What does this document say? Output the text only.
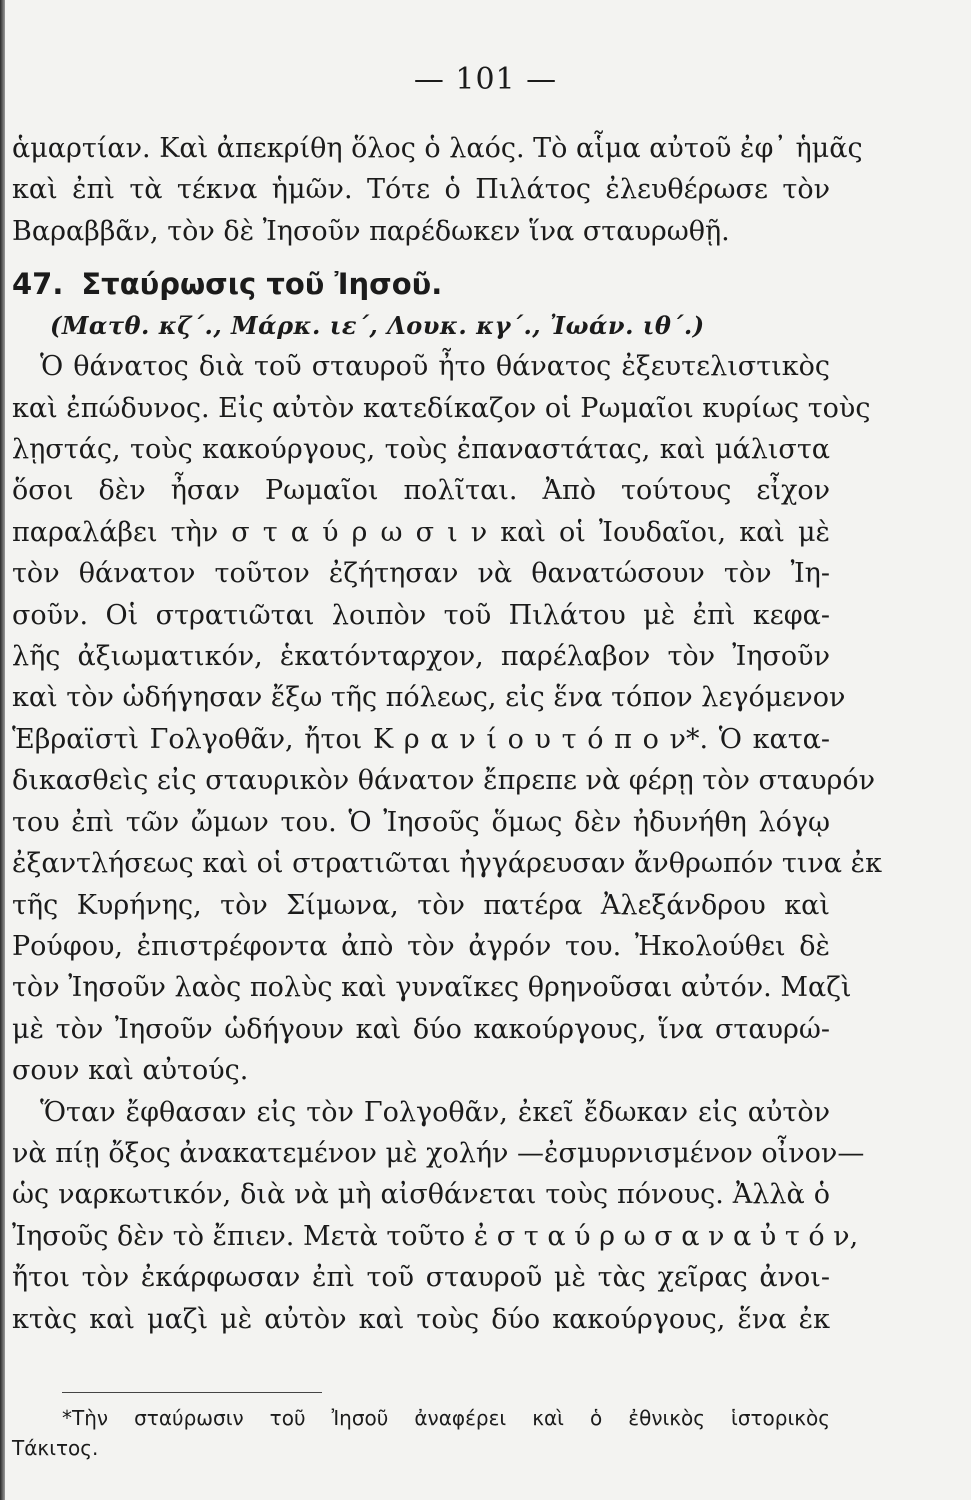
— 101 —
ἁμαρτίαν. Καὶ ἀπεκρίθη ὅλος ὁ λαός. Τὸ αἷμα αὐτοῦ ἐφ᾿ ἡμᾶς
καὶ ἐπὶ τὰ τέκνα ἡμῶν. Τότε ὁ Πιλάτος ἐλευθέρωσε τὸν
Βαραββᾶν, τὸν δὲ Ἰησοῦν παρέδωκεν ἵνα σταυρωθῇ.
47. Σταύρωσις τοῦ Ἰησοῦ.
(Ματθ. κζ΄., Μάρκ. ιε΄, Λουκ. κγ΄., Ἰωάν. ιθ΄.)
Ὁ θάνατος διὰ τοῦ σταυροῦ ἦτο θάνατος ἐξευτελιστικὸς
καὶ ἐπώδυνος. Εἰς αὐτὸν κατεδίκαζον οἱ Ρωμαῖοι κυρίως τοὺς
λῃστάς, τοὺς κακούργους, τοὺς ἐπαναστάτας, καὶ μάλιστα
ὅσοι δὲν ἦσαν Ρωμαῖοι πολῖται. Ἀπὸ τούτους εἶχον
παραλάβει τὴν σ τ α ύ ρ ω σ ι ν καὶ οἱ Ἰουδαῖοι, καὶ μὲ
τὸν θάνατον τοῦτον ἐζήτησαν νὰ θανατώσουν τὸν Ἰη-
σοῦν. Οἱ στρατιῶται λοιπὸν τοῦ Πιλάτου μὲ ἐπὶ κεφα-
λῆς ἀξιωματικόν, ἑκατόνταρχον, παρέλαβον τὸν Ἰησοῦν
καὶ τὸν ὡδήγησαν ἔξω τῆς πόλεως, εἰς ἕνα τόπον λεγόμενον
Ἑβραϊστὶ Γολγοθᾶν, ἤτοι Κ ρ α ν ί ο υ τ ό π ο ν*. Ὁ κατα-
δικασθεὶς εἰς σταυρικὸν θάνατον ἔπρεπε νὰ φέρῃ τὸν σταυρόν
του ἐπὶ τῶν ὤμων του. Ὁ Ἰησοῦς ὅμως δὲν ἠδυνήθη λόγῳ
ἐξαντλήσεως καὶ οἱ στρατιῶται ἠγγάρευσαν ἄνθρωπόν τινα ἐκ
τῆς Κυρήνης, τὸν Σίμωνα, τὸν πατέρα Ἀλεξάνδρου καὶ
Ρούφου, ἐπιστρέφοντα ἀπὸ τὸν ἀγρόν του. Ἠκολούθει δὲ
τὸν Ἰησοῦν λαὸς πολὺς καὶ γυναῖκες θρηνοῦσαι αὐτόν. Μαζὶ
μὲ τὸν Ἰησοῦν ὡδήγουν καὶ δύο κακούργους, ἵνα σταυρώ-
σουν καὶ αὐτούς.
Ὅταν ἔφθασαν εἰς τὸν Γολγοθᾶν, ἐκεῖ ἔδωκαν εἰς αὐτὸν
νὰ πίῃ ὄξος ἀνακατεμένον μὲ χολήν —ἐσμυρνισμένον οἶνον—
ὡς ναρκωτικόν, διὰ νὰ μὴ αἰσθάνεται τοὺς πόνους. Ἀλλὰ ὁ
Ἰησοῦς δὲν τὸ ἔπιεν. Μετὰ τοῦτο ἐ σ τ α ύ ρ ω σ α ν α ὐ τ ό ν,
ἤτοι τὸν ἐκάρφωσαν ἐπὶ τοῦ σταυροῦ μὲ τὰς χεῖρας ἀνοι-
κτὰς καὶ μαζὶ μὲ αὐτὸν καὶ τοὺς δύο κακούργους, ἕνα ἐκ
*Τὴν σταύρωσιν τοῦ Ἰησοῦ ἀναφέρει καὶ ὁ ἐθνικὸς ἱστορικὸς
Τάκιτος.
